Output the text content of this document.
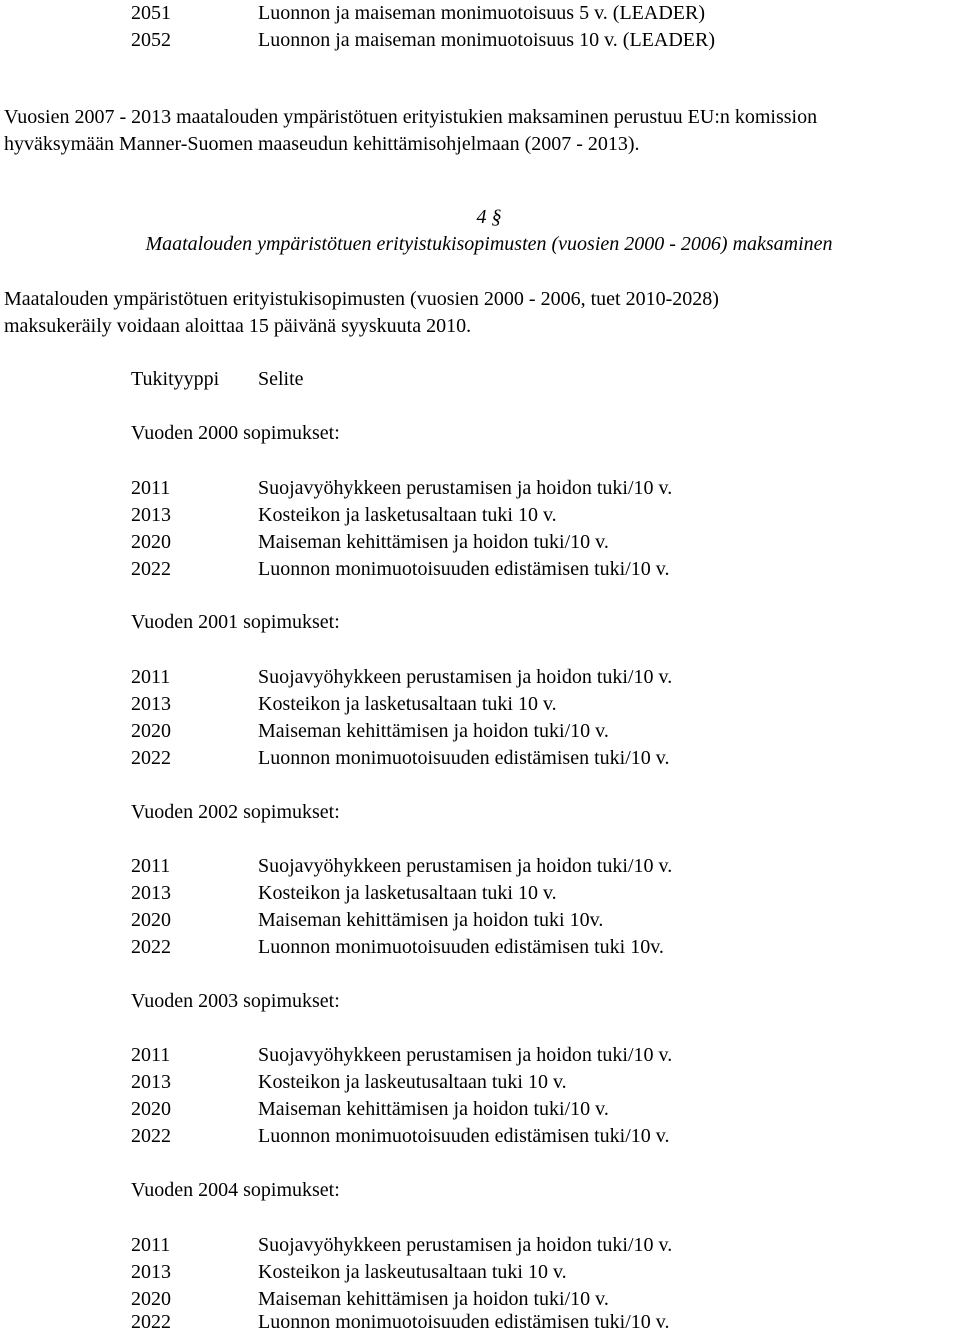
2051	Luonnon ja maiseman monimuotoisuus 5 v. (LEADER)
2052	Luonnon ja maiseman monimuotoisuus 10 v. (LEADER)
Vuosien 2007 - 2013 maatalouden ympäristötuen erityistukien maksaminen perustuu EU:n komission
hyväksymään Manner-Suomen maaseudun kehittämisohjelmaan (2007 - 2013).
4 §
Maatalouden ympäristötuen erityistukisopimusten (vuosien 2000 - 2006) maksaminen
Maatalouden ympäristötuen erityistukisopimusten (vuosien 2000 - 2006, tuet 2010-2028)
maksukeräily voidaan aloittaa 15 päivänä syyskuuta 2010.
Tukityyppi Selite
Vuoden 2000 sopimukset:
2011	Suojavyöhykkeen perustamisen ja hoidon tuki/10 v.
2013	Kosteikon ja lasketusaltaan tuki 10 v.
2020	Maiseman kehittämisen ja hoidon tuki/10 v.
2022	Luonnon monimuotoisuuden edistämisen tuki/10 v.
Vuoden 2001 sopimukset:
2011	Suojavyöhykkeen perustamisen ja hoidon tuki/10 v.
2013	Kosteikon ja lasketusaltaan tuki 10 v.
2020	Maiseman kehittämisen ja hoidon tuki/10 v.
2022	Luonnon monimuotoisuuden edistämisen tuki/10 v.
Vuoden 2002 sopimukset:
2011	Suojavyöhykkeen perustamisen ja hoidon tuki/10 v.
2013	Kosteikon ja lasketusaltaan tuki 10 v.
2020	Maiseman kehittämisen ja hoidon tuki 10v.
2022	Luonnon monimuotoisuuden edistämisen tuki 10v.
Vuoden 2003 sopimukset:
2011	Suojavyöhykkeen perustamisen ja hoidon tuki/10 v.
2013	Kosteikon ja laskeutusaltaan tuki 10 v.
2020	Maiseman kehittämisen ja hoidon tuki/10 v.
2022	Luonnon monimuotoisuuden edistämisen tuki/10 v.
Vuoden 2004 sopimukset:
2011	Suojavyöhykkeen perustamisen ja hoidon tuki/10 v.
2013	Kosteikon ja laskeutusaltaan tuki 10 v.
2020	Maiseman kehittämisen ja hoidon tuki/10 v.
2022	Luonnon monimuotoisuuden edistämisen tuki/10 v.
